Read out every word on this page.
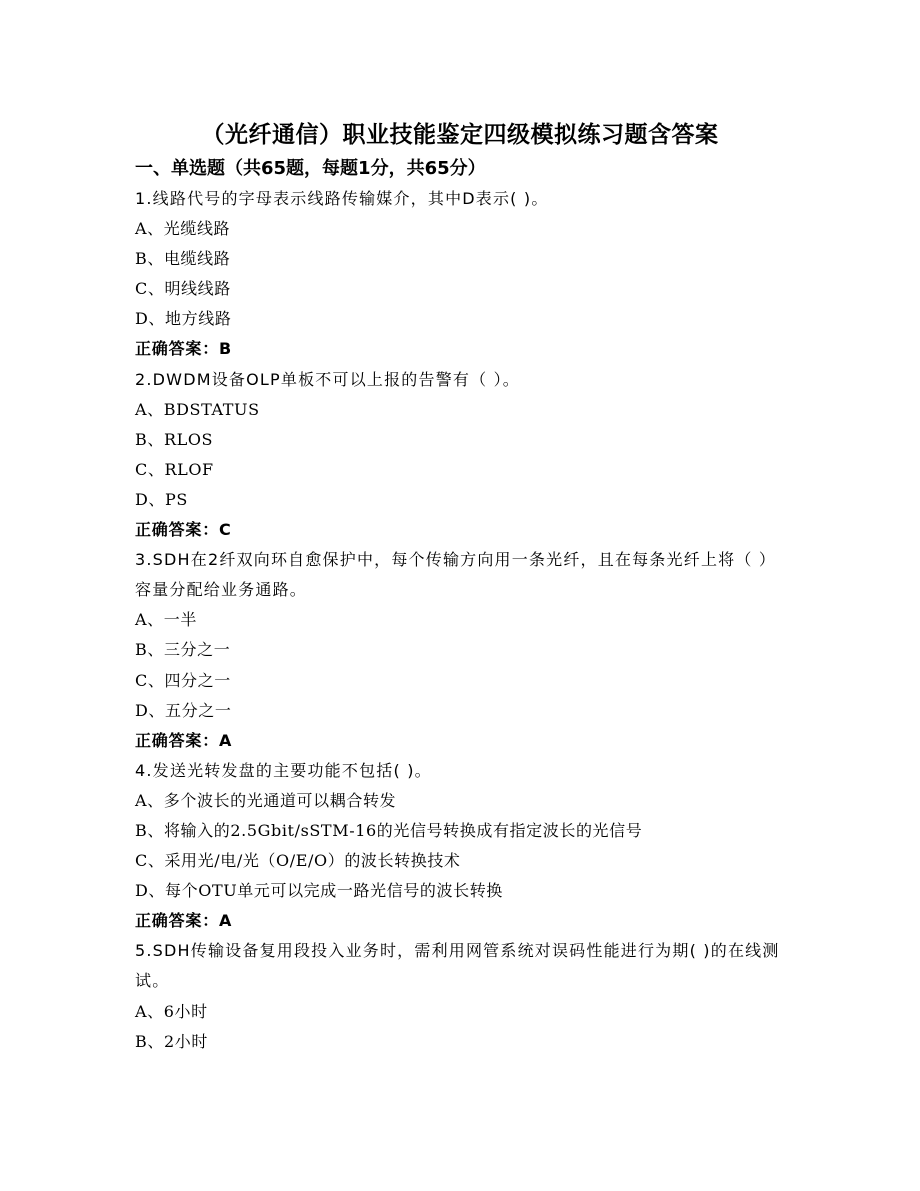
（光纤通信）职业技能鉴定四级模拟练习题含答案
一、单选题（共65题，每题1分，共65分）
1.线路代号的字母表示线路传输媒介，其中D表示( )。
A、光缆线路
B、电缆线路
C、明线线路
D、地方线路
正确答案：B
2.DWDM设备OLP单板不可以上报的告警有（ ）。
A、BDSTATUS
B、RLOS
C、RLOF
D、PS
正确答案：C
3.SDH在2纤双向环自愈保护中，每个传输方向用一条光纤，且在每条光纤上将（ ）容量分配给业务通路。
A、一半
B、三分之一
C、四分之一
D、五分之一
正确答案：A
4.发送光转发盘的主要功能不包括( )。
A、多个波长的光通道可以耦合转发
B、将输入的2.5Gbit/sSTM-16的光信号转换成有指定波长的光信号
C、采用光/电/光（O/E/O）的波长转换技术
D、每个OTU单元可以完成一路光信号的波长转换
正确答案：A
5.SDH传输设备复用段投入业务时，需利用网管系统对误码性能进行为期( )的在线测试。
A、6小时
B、2小时
